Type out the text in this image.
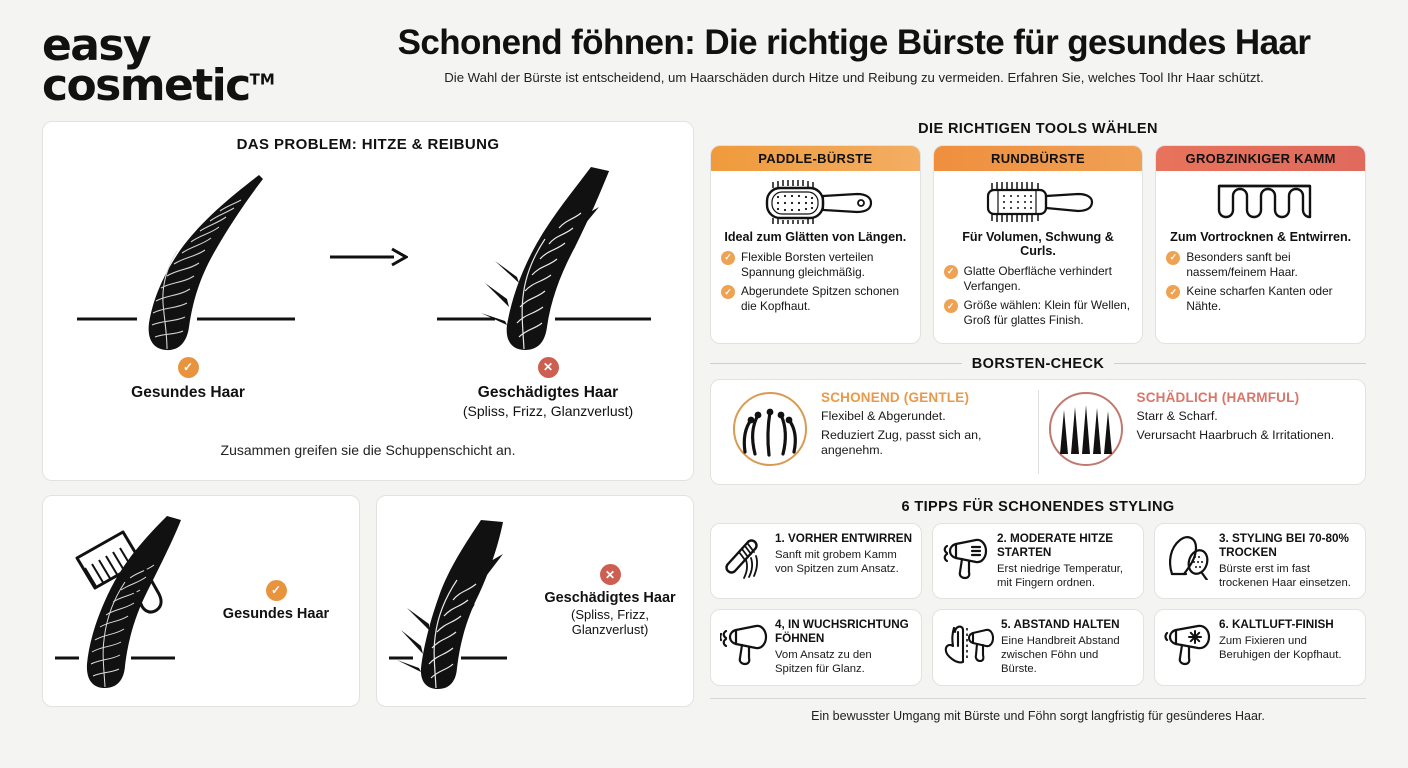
easy cosmetic™
Schonend föhnen: Die richtige Bürste für gesundes Haar
Die Wahl der Bürste ist entscheidend, um Haarschäden durch Hitze und Reibung zu vermeiden. Erfahren Sie, welches Tool Ihr Haar schützt.
DAS PROBLEM: HITZE & REIBUNG
✓
Gesundes Haar
✕
Geschädigtes Haar
(Spliss, Frizz, Glanzverlust)
Zusammen greifen sie die Schuppenschicht an.
✓
Gesundes Haar
✕
Geschädigtes Haar
(Spliss, Frizz, Glanzverlust)
DIE RICHTIGEN TOOLS WÄHLEN
PADDLE-BÜRSTE
Ideal zum Glätten von Längen.
✓ Flexible Borsten verteilen Spannung gleichmäßig.
✓ Abgerundete Spitzen schonen die Kopfhaut.
RUNDBÜRSTE
Für Volumen, Schwung & Curls.
✓ Glatte Oberfläche verhindert Verfangen.
✓ Größe wählen: Klein für Wellen, Groß für glattes Finish.
GROBZINKIGER KAMM
Zum Vortrocknen & Entwirren.
✓ Besonders sanft bei nassem/feinem Haar.
✓ Keine scharfen Kanten oder Nähte.
BORSTEN-CHECK
SCHONEND (GENTLE)
Flexibel & Abgerundet.
Reduziert Zug, passt sich an, angenehm.
SCHÄDLICH (HARMFUL)
Starr & Scharf.
Verursacht Haarbruch & Irritationen.
6 TIPPS FÜR SCHONENDES STYLING
1. VORHER ENTWIRREN
Sanft mit grobem Kamm von Spitzen zum Ansatz.
2. MODERATE HITZE STARTEN
Erst niedrige Temperatur, mit Fingern ordnen.
3. STYLING BEI 70-80% TROCKEN
Bürste erst im fast trockenen Haar einsetzen.
4, IN WUCHSRICHTUNG FÖHNEN
Vom Ansatz zu den Spitzen für Glanz.
5. ABSTAND HALTEN
Eine Handbreit Abstand zwischen Föhn und Bürste.
6. KALTLUFT-FINISH
Zum Fixieren und Beruhigen der Kopfhaut.
Ein bewusster Umgang mit Bürste und Föhn sorgt langfristig für gesünderes Haar.
